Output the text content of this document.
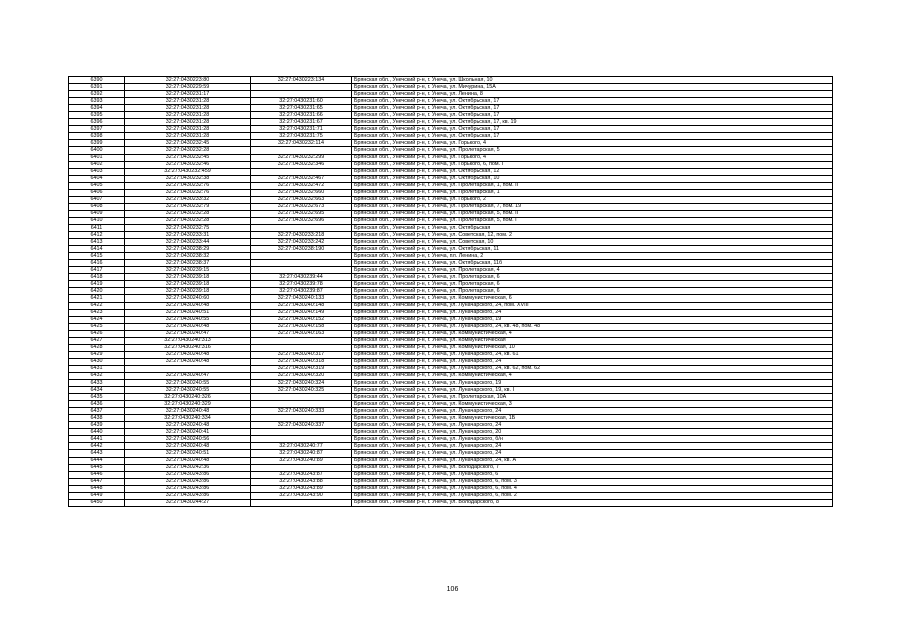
6390	32:27:0430223:80	32:27:0430223:134	Брянская обл., Унечский р-н, г. Унеча, ул. Школьная, 10
6391	32:27:0430229:59		Брянская обл., Унечский р-н, г. Унеча, ул. Мичурина, 15А
6392	32:27:0430231:17		Брянская обл., Унечский р-н, г. Унеча, ул. Ленина, 8
6393	32:27:0430231:28	32:27:0430231:60	Брянская обл., Унечский р-н, г. Унеча, ул. Октябрьская, 17
6394	32:27:0430231:28	32:27:0430231:65	Брянская обл., Унечский р-н, г. Унеча, ул. Октябрьская, 17
6395	32:27:0430231:28	32:27:0430231:66	Брянская обл., Унечский р-н, г. Унеча, ул. Октябрьская, 17
6396	32:27:0430231:28	32:27:0430231:67	Брянская обл., Унечский р-н, г. Унеча, ул. Октябрьская, 17, кв. 19
6397	32:27:0430231:28	32:27:0430231:71	Брянская обл., Унечский р-н, г. Унеча, ул. Октябрьская, 17
6398	32:27:0430231:28	32:27:0430231:75	Брянская обл., Унечский р-н, г. Унеча, ул. Октябрьская, 17
6399	32:27:0430232:45	32:27:0430232:114	Брянская обл., Унечский р-н, г. Унеча, ул. Горького, 4
6400	32:27:0430232:28		Брянская обл., Унечский р-н, г. Унеча, ул. Пролетарская, 5
6401	32:27:0430232:45	32:27:0430232:299	Брянская обл., Унечский р-н, г. Унеча, ул. Горького, 4
6402	32:27:0430232:46	32:27:0430232:346	Брянская обл., Унечский р-н, г. Унеча, ул. Горького, 6, пом. I
6403	32:27:0430232:459		Брянская обл., Унечский р-н, г. Унеча, ул. Октябрьская, 12
6404	32:27:0430232:38	32:27:0430232:467	Брянская обл., Унечский р-н, г. Унеча, ул. Октябрьская, 10
6405	32:27:0430232:76	32:27:0430232:472	Брянская обл., Унечский р-н, г. Унеча, ул. Пролетарская, 1, пом. II
6406	32:27:0430232:76	32:27:0430232:660	Брянская обл., Унечский р-н, г. Унеча, ул. Пролетарская, 1
6407	32:27:0430233:32	32:27:0430232:663	Брянская обл., Унечский р-н, г. Унеча, ул. Горького, 2
6408	32:27:0430232:79	32:27:0430232:673	Брянская обл., Унечский р-н, г. Унеча, ул. Пролетарская, 7, пом. 19
6409	32:27:0430232:28	32:27:0430232:695	Брянская обл., Унечский р-н, г. Унеча, ул. Пролетарская, 5, пом. II
6410	32:27:0430232:28	32:27:0430232:696	Брянская обл., Унечский р-н, г. Унеча, ул. Пролетарская, 5, пом. I
6411	32:27:0430232:75		Брянская обл., Унечский р-н, г. Унеча, ул. Октябрьская
6412	32:27:0430233:31	32:27:0430233:218	Брянская обл., Унечский р-н, г. Унеча, ул. Советская, 12, пом. 2
6413	32:27:0430233:44	32:27:0430233:242	Брянская обл., Унечский р-н, г. Унеча, ул. Советская, 10
6414	32:27:0430238:29	32:27:0430238:190	Брянская обл., Унечский р-н, г. Унеча, ул. Октябрьская, 11
6415	32:27:0430238:32		Брянская обл., Унечский р-н, г. Унеча, пл. Ленина, 2
6416	32:27:0430238:37		Брянская обл., Унечский р-н, г. Унеча, ул. Октябрьская, 11б
6417	32:27:0430239:15		Брянская обл., Унечский р-н, г. Унеча, ул. Пролетарская, 4
6418	32:27:0430239:18	32:27:0430239:44	Брянская обл., Унечский р-н, г. Унеча, ул. Пролетарская, 6
6419	32:27:0430239:18	32:27:0430239:78	Брянская обл., Унечский р-н, г. Унеча, ул. Пролетарская, 6
6420	32:27:0430239:18	32:27:0430239:87	Брянская обл., Унечский р-н, г. Унеча, ул. Пролетарская, 6
6421	32:27:0430240:60	32:27:0430240:133	Брянская обл., Унечский р-н, г. Унеча, ул. Коммунистическая, 6
6422	32:27:0430240:48	32:27:0430240:148	Брянская обл., Унечский р-н, г. Унеча, ул. Луначарского, 24, пом. XVIII
6423	32:27:0430240:51	32:27:0430240:149	Брянская обл., Унечский р-н, г. Унеча, ул. Луначарского, 24
6424	32:27:0430240:55	32:27:0430240:152	Брянская обл., Унечский р-н, г. Унеча, ул. Луначарского, 19
6425	32:27:0430240:48	32:27:0430240:158	Брянская обл., Унечский р-н, г. Унеча, ул. Луначарского, 24, кв. 48, пом. 48
6426	32:27:0430240:47	32:27:0430240:163	Брянская обл., Унечский р-н, г. Унеча, ул. Коммунистическая, 4
6427	32:27:0430240:313		Брянская обл., Унечский р-н, г. Унеча, ул. Коммунистическая
6428	32:27:0430240:316		Брянская обл., Унечский р-н, г. Унеча, ул. Коммунистическая, 10
6429	32:27:0430240:48	32:27:0430240:317	Брянская обл., Унечский р-н, г. Унеча, ул. Луначарского, 24, кв. 61
6430	32:27:0430240:48	32:27:0430240:318	Брянская обл., Унечский р-н, г. Унеча, ул. Луначарского, 24
6431		32:27:0430240:319	Брянская обл., Унечский р-н, г. Унеча, ул. Луначарского, 24, кв. 62, пом. 62
6432	32:27:0430240:47	32:27:0430240:320	Брянская обл., Унечский р-н, г. Унеча, ул. Коммунистическая, 4
6433	32:27:0430240:55	32:27:0430240:324	Брянская обл., Унечский р-н, г. Унеча, ул. Луначарского, 19
6434	32:27:0430240:55	32:27:0430240:325	Брянская обл., Унечский р-н, г. Унеча, ул. Луначарского, 19, кв. I
6435	32:27:0430240:326		Брянская обл., Унечский р-н, г. Унеча, ул. Пролетарская, 10А
6436	32:27:0430240:329		Брянская обл., Унечский р-н, г. Унеча, ул. Коммунистическая, 3
6437	32:27:0430240:48	32:27:0430240:333	Брянская обл., Унечский р-н, г. Унеча, ул. Луначарского, 24
6438	32:27:0430240:334		Брянская обл., Унечский р-н, г. Унеча, ул. Коммунистическая, 1Б
6439	32:27:0430240:48	32:27:0430240:337	Брянская обл., Унечский р-н, г. Унеча, ул. Луначарского, 24
6440	32:27:0430240:41		Брянская обл., Унечский р-н, г. Унеча, ул. Луначарского, 20
6441	32:27:0430240:56		Брянская обл., Унечский р-н, г. Унеча, ул. Луначарского, б/н
6442	32:27:0430240:48	32:27:0430240:77	Брянская обл., Унечский р-н, г. Унеча, ул. Луначарского, 24
6443	32:27:0430240:51	32:27:0430240:87	Брянская обл., Унечский р-н, г. Унеча, ул. Луначарского, 24
6444	32:27:0430240:48	32:27:0430240:89	Брянская обл., Унечский р-н, г. Унеча, ул. Луначарского, 24, кв. А
6445	32:27:0430242:36		Брянская обл., Унечский р-н, г. Унеча, ул. Володарского, 7
6446	32:27:0430243:86	32:27:0430243:87	Брянская обл., Унечский р-н, г. Унеча, ул. Луначарского, 6
6447	32:27:0430243:86	32:27:0430243:88	Брянская обл., Унечский р-н, г. Унеча, ул. Луначарского, 6, пом. 3
6448	32:27:0430243:86	32:27:0430243:89	Брянская обл., Унечский р-н, г. Унеча, ул. Луначарского, 6, пом. 4
6449	32:27:0430243:86	32:27:0430243:90	Брянская обл., Унечский р-н, г. Унеча, ул. Луначарского, 6, пом. 2
6450	32:27:0430244:27		Брянская обл., Унечский р-н, г. Унеча, ул. Володарского, 8
106
